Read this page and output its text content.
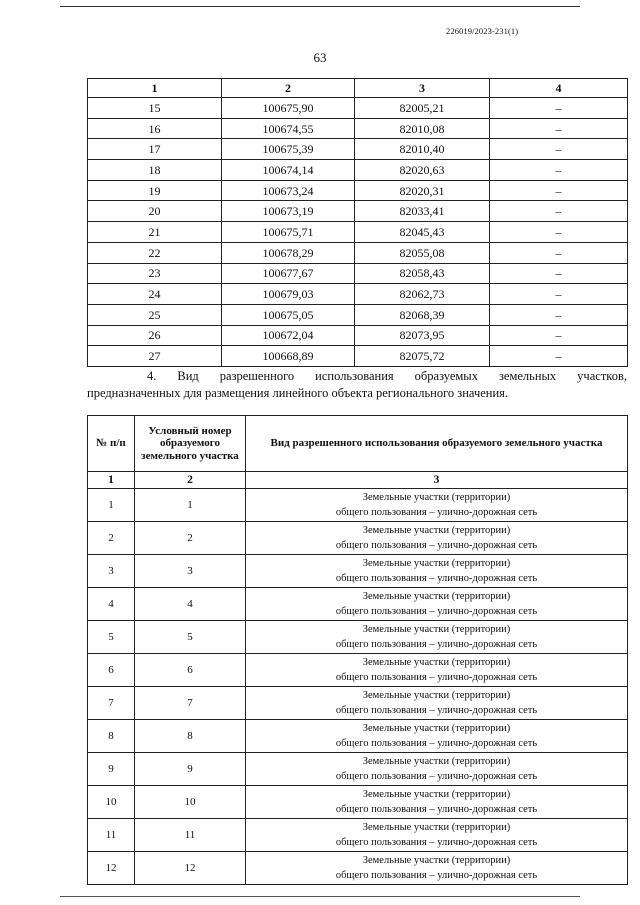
226019/2023-231(1)
63
1	2	3	4
15	100675,90	82005,21	–
16	100674,55	82010,08	–
17	100675,39	82010,40	–
18	100674,14	82020,63	–
19	100673,24	82020,31	–
20	100673,19	82033,41	–
21	100675,71	82045,43	–
22	100678,29	82055,08	–
23	100677,67	82058,43	–
24	100679,03	82062,73	–
25	100675,05	82068,39	–
26	100672,04	82073,95	–
27	100668,89	82075,72	–
4. Вид разрешенного использования образуемых земельных участков,
предназначенных для размещения линейного объекта регионального значения.
№ п/п	Условный номер образуемого земельного участка	Вид разрешенного использования образуемого земельного участка
1	2	3
1	1	Земельные участки (территории)
общего пользования – улично-дорожная сеть

2	2	Земельные участки (территории)
общего пользования – улично-дорожная сеть

3	3	Земельные участки (территории)
общего пользования – улично-дорожная сеть

4	4	Земельные участки (территории)
общего пользования – улично-дорожная сеть

5	5	Земельные участки (территории)
общего пользования – улично-дорожная сеть

6	6	Земельные участки (территории)
общего пользования – улично-дорожная сеть

7	7	Земельные участки (территории)
общего пользования – улично-дорожная сеть

8	8	Земельные участки (территории)
общего пользования – улично-дорожная сеть

9	9	Земельные участки (территории)
общего пользования – улично-дорожная сеть

10	10	Земельные участки (территории)
общего пользования – улично-дорожная сеть

11	11	Земельные участки (территории)
общего пользования – улично-дорожная сеть

12	12	Земельные участки (территории)
общего пользования – улично-дорожная сеть
